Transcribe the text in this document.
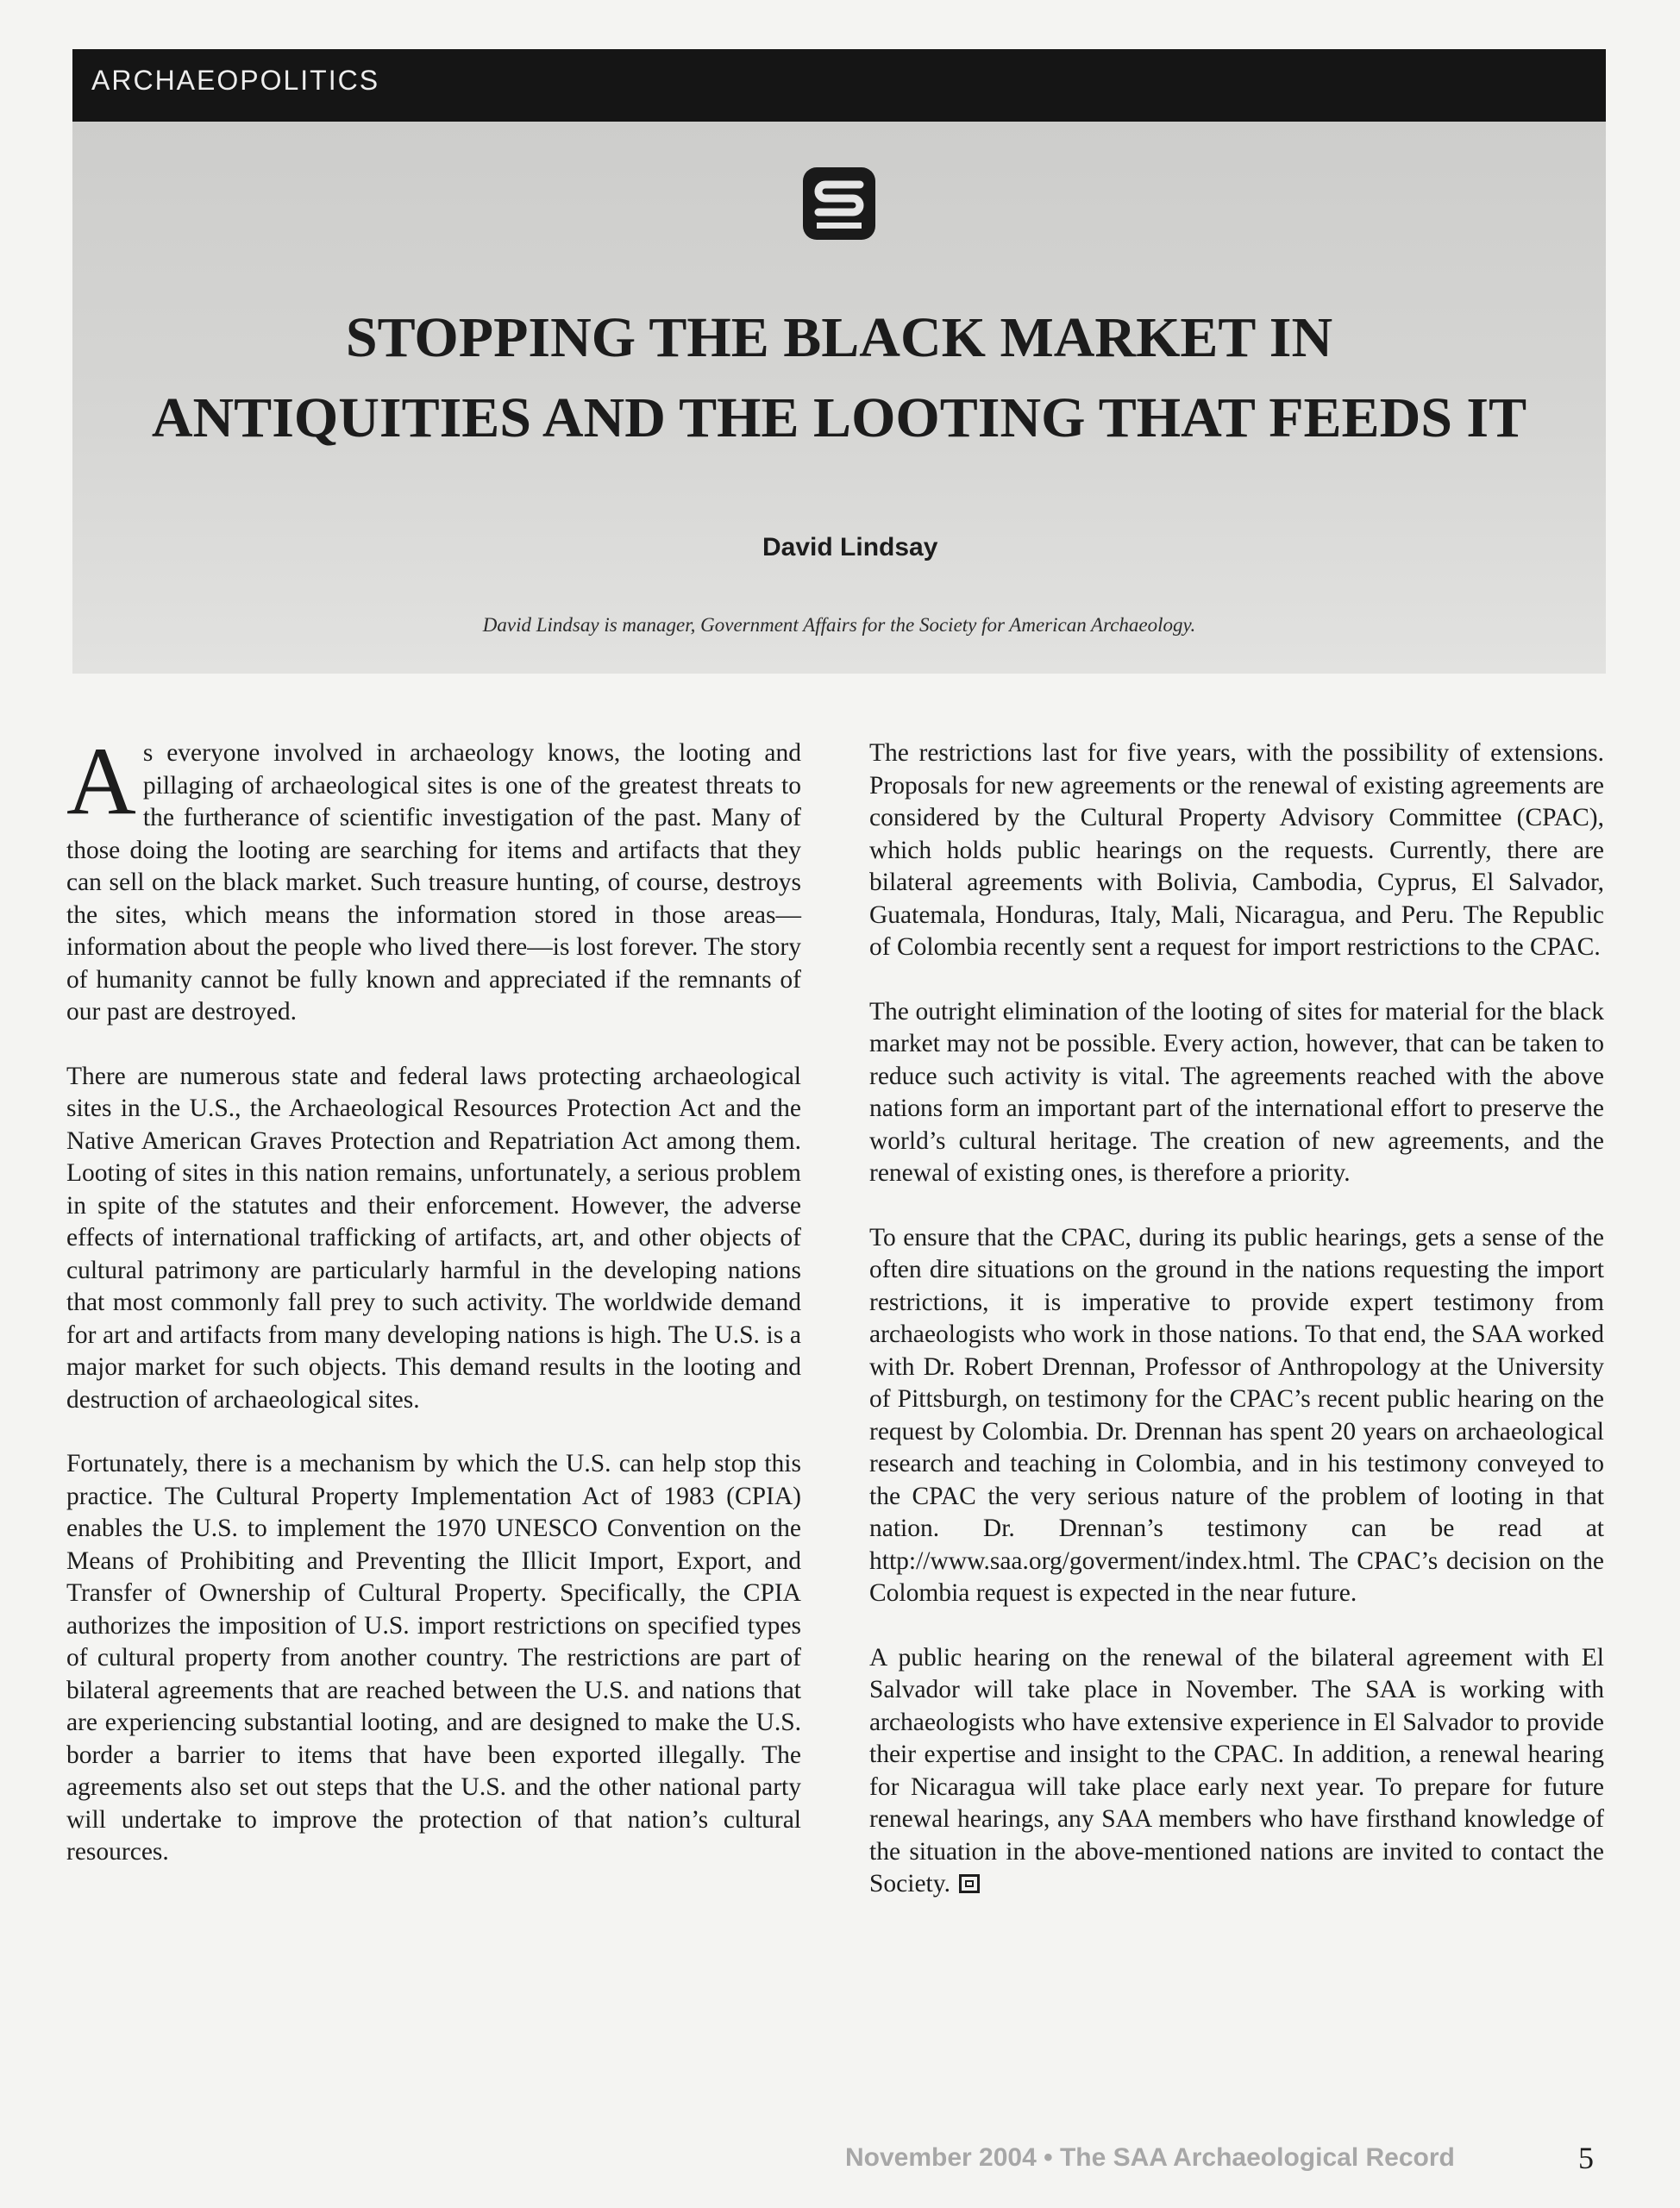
ARCHAEOPOLITICS
STOPPING THE BLACK MARKET IN
ANTIQUITIES AND THE LOOTING THAT FEEDS IT
David Lindsay
David Lindsay is manager, Government Affairs for the Society for American Archaeology.

As everyone involved in archaeology knows, the looting and pillaging of archaeological sites is one of the greatest threats to the furtherance of scientific investigation of the past. Many of those doing the looting are searching for items and artifacts that they can sell on the black market. Such treasure hunting, of course, destroys the sites, which means the information stored in those areas—information about the people who lived there—is lost forever. The story of humanity cannot be fully known and appreciated if the remnants of our past are destroyed.

There are numerous state and federal laws protecting archaeological sites in the U.S., the Archaeological Resources Protection Act and the Native American Graves Protection and Repatriation Act among them. Looting of sites in this nation remains, unfortunately, a serious problem in spite of the statutes and their enforcement. However, the adverse effects of international trafficking of artifacts, art, and other objects of cultural patrimony are particularly harmful in the developing nations that most commonly fall prey to such activity. The worldwide demand for art and artifacts from many developing nations is high. The U.S. is a major market for such objects. This demand results in the looting and destruction of archaeological sites.

Fortunately, there is a mechanism by which the U.S. can help stop this practice. The Cultural Property Implementation Act of 1983 (CPIA) enables the U.S. to implement the 1970 UNESCO Convention on the Means of Prohibiting and Preventing the Illicit Import, Export, and Transfer of Ownership of Cultural Property. Specifically, the CPIA authorizes the imposition of U.S. import restrictions on specified types of cultural property from another country. The restrictions are part of bilateral agreements that are reached between the U.S. and nations that are experiencing substantial looting, and are designed to make the U.S. border a barrier to items that have been exported illegally. The agreements also set out steps that the U.S. and the other national party will undertake to improve the protection of that nation’s cultural resources.

The restrictions last for five years, with the possibility of extensions. Proposals for new agreements or the renewal of existing agreements are considered by the Cultural Property Advisory Committee (CPAC), which holds public hearings on the requests. Currently, there are bilateral agreements with Bolivia, Cambodia, Cyprus, El Salvador, Guatemala, Honduras, Italy, Mali, Nicaragua, and Peru. The Republic of Colombia recently sent a request for import restrictions to the CPAC.

The outright elimination of the looting of sites for material for the black market may not be possible. Every action, however, that can be taken to reduce such activity is vital. The agreements reached with the above nations form an important part of the international effort to preserve the world’s cultural heritage. The creation of new agreements, and the renewal of existing ones, is therefore a priority.

To ensure that the CPAC, during its public hearings, gets a sense of the often dire situations on the ground in the nations requesting the import restrictions, it is imperative to provide expert testimony from archaeologists who work in those nations. To that end, the SAA worked with Dr. Robert Drennan, Professor of Anthropology at the University of Pittsburgh, on testimony for the CPAC’s recent public hearing on the request by Colombia. Dr. Drennan has spent 20 years on archaeological research and teaching in Colombia, and in his testimony conveyed to the CPAC the very serious nature of the problem of looting in that nation. Dr. Drennan’s testimony can be read at http://www.saa.org/goverment/index.html. The CPAC’s decision on the Colombia request is expected in the near future.

A public hearing on the renewal of the bilateral agreement with El Salvador will take place in November. The SAA is working with archaeologists who have extensive experience in El Salvador to provide their expertise and insight to the CPAC. In addition, a renewal hearing for Nicaragua will take place early next year. To prepare for future renewal hearings, any SAA members who have firsthand knowledge of the situation in the above-mentioned nations are invited to contact the Society.

November 2004 • The SAA Archaeological Record	5
